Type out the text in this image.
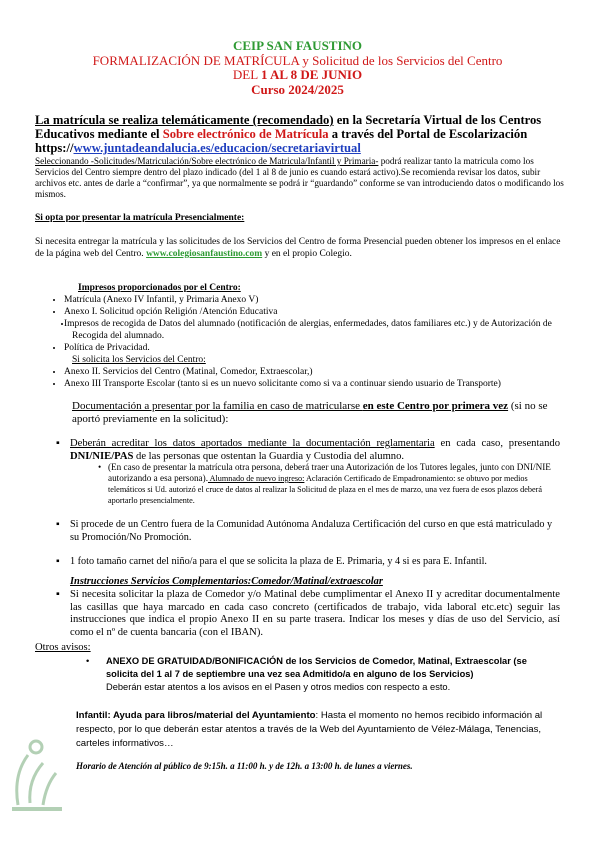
CEIP SAN FAUSTINO
FORMALIZACIÓN DE MATRÍCULA y Solicitud de los Servicios del Centro
DEL 1 AL 8 DE JUNIO
Curso 2024/2025
La matrícula se realiza telemáticamente (recomendado) en la Secretaría Virtual de los Centros Educativos mediante el Sobre electrónico de Matrícula a través del Portal de Escolarización
https://www.juntadeandalucia.es/educacion/secretariavirtual
Seleccionando -Solicitudes/Matriculación/Sobre electrónico de Matricula/Infantil y Primaria- podrá realizar tanto la matricula como los Servicios del Centro siempre dentro del plazo indicado (del 1 al 8 de junio es cuando estará activo).Se recomienda revisar los datos, subir archivos etc. antes de darle a “confirmar”, ya que normalmente se podrá ir “guardando” conforme se van introduciendo datos o modificando los mismos.
Si opta por presentar la matrícula Presencialmente:
Si necesita entregar la matrícula y las solicitudes de los Servicios del Centro de forma Presencial pueden obtener los impresos en el enlace de la página web del Centro. www.colegiosanfaustino.com y en el propio Colegio.
Impresos proporcionados por el Centro:
• Matrícula (Anexo IV Infantil, y Primaria Anexo V)
• Anexo I. Solicitud opción Religión /Atención Educativa
• Impresos de recogida de Datos del alumnado (notificación de alergias, enfermedades, datos familiares etc.) y de Autorización de Recogida del alumnado.
• Política de Privacidad.
Si solicita los Servicios del Centro:
• Anexo II. Servicios del Centro (Matinal, Comedor, Extraescolar,)
• Anexo III Transporte Escolar (tanto si es un nuevo solicitante como si va a continuar siendo usuario de Transporte)
Documentación a presentar por la familia en caso de matricularse en este Centro por primera vez (si no se aportó previamente en la solicitud):
▪ Deberán acreditar los datos aportados mediante la documentación reglamentaria en cada caso, presentando DNI/NIE/PAS de las personas que ostentan la Guardia y Custodia del alumno.
• (En caso de presentar la matrícula otra persona, deberá traer una Autorización de los Tutores legales, junto con DNI/NIE autorizando a esa persona). Alumnado de nuevo ingreso: Aclaración Certificado de Empadronamiento: se obtuvo por medios telemáticos si Ud. autorizó el cruce de datos al realizar la Solicitud de plaza en el mes de marzo, una vez fuera de esos plazos deberá aportarlo presencialmente.
▪ Si procede de un Centro fuera de la Comunidad Autónoma Andaluza Certificación del curso en que está matriculado y su Promoción/No Promoción.
▪ 1 foto tamaño carnet del niño/a para el que se solicita la plaza de E. Primaria, y 4 si es para E. Infantil.
Instrucciones Servicios Complementarios:Comedor/Matinal/extraescolar
▪ Si necesita solicitar la plaza de Comedor y/o Matinal debe cumplimentar el Anexo II y acreditar documentalmente las casillas que haya marcado en cada caso concreto (certificados de trabajo, vida laboral etc.etc) seguir las instrucciones que indica el propio Anexo II en su parte trasera. Indicar los meses y días de uso del Servicio, así como el nº de cuenta bancaria (con el IBAN).
Otros avisos:
• ANEXO DE GRATUIDAD/BONIFICACIÓN de los Servicios de Comedor, Matinal, Extraescolar (se solicita del 1 al 7 de septiembre una vez sea Admitido/a en alguno de los Servicios)
Deberán estar atentos a los avisos en el Pasen y otros medios con respecto a esto.
Infantil: Ayuda para libros/material del Ayuntamiento: Hasta el momento no hemos recibido información al respecto, por lo que deberán estar atentos a través de la Web del Ayuntamiento de Vélez-Málaga, Tenencias, carteles informativos…
Horario de Atención al público de 9:15h. a 11:00 h. y de 12h. a 13:00 h. de lunes a viernes.
